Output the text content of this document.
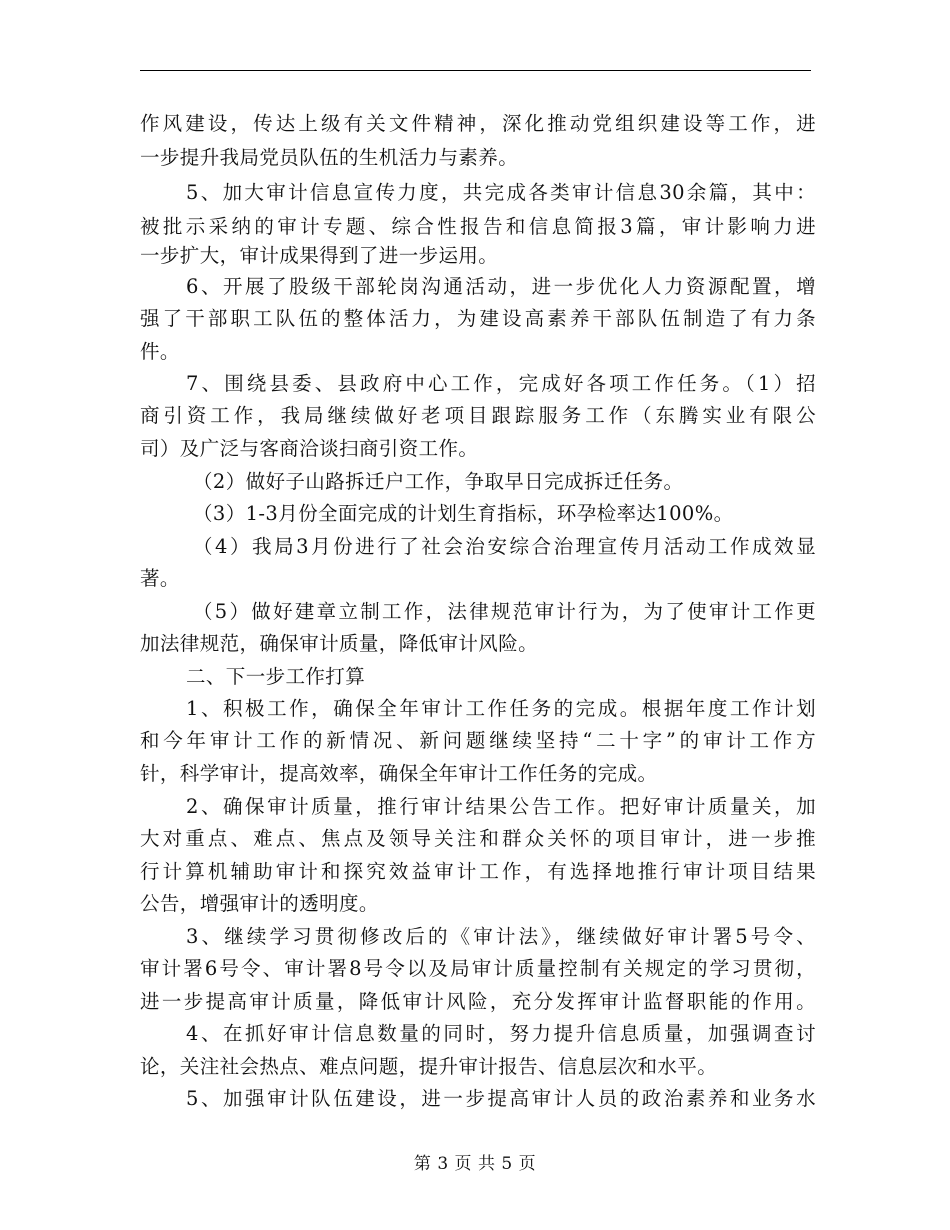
作风建设，传达上级有关文件精神，深化推动党组织建设等工作，进
一步提升我局党员队伍的生机活力与素养。
5、加大审计信息宣传力度，共完成各类审计信息30余篇，其中：
被批示采纳的审计专题、综合性报告和信息简报3篇，审计影响力进
一步扩大，审计成果得到了进一步运用。
6、开展了股级干部轮岗沟通活动，进一步优化人力资源配置，增
强了干部职工队伍的整体活力，为建设高素养干部队伍制造了有力条
件。
7、围绕县委、县政府中心工作，完成好各项工作任务。（1）招
商引资工作，我局继续做好老项目跟踪服务工作（东腾实业有限公
司）及广泛与客商洽谈扫商引资工作。
（2）做好子山路拆迁户工作，争取早日完成拆迁任务。
（3）1-3月份全面完成的计划生育指标，环孕检率达100%。
（4）我局3月份进行了社会治安综合治理宣传月活动工作成效显
著。
（5）做好建章立制工作，法律规范审计行为，为了使审计工作更
加法律规范，确保审计质量，降低审计风险。
二、下一步工作打算
1、积极工作，确保全年审计工作任务的完成。根据年度工作计划
和今年审计工作的新情况、新问题继续坚持“二十字”的审计工作方
针，科学审计，提高效率，确保全年审计工作任务的完成。
2、确保审计质量，推行审计结果公告工作。把好审计质量关，加
大对重点、难点、焦点及领导关注和群众关怀的项目审计，进一步推
行计算机辅助审计和探究效益审计工作，有选择地推行审计项目结果
公告，增强审计的透明度。
3、继续学习贯彻修改后的《审计法》，继续做好审计署5号令、
审计署6号令、审计署8号令以及局审计质量控制有关规定的学习贯彻，
进一步提高审计质量，降低审计风险，充分发挥审计监督职能的作用。
4、在抓好审计信息数量的同时，努力提升信息质量，加强调查讨
论，关注社会热点、难点问题，提升审计报告、信息层次和水平。
5、加强审计队伍建设，进一步提高审计人员的政治素养和业务水
第 3 页 共 5 页
